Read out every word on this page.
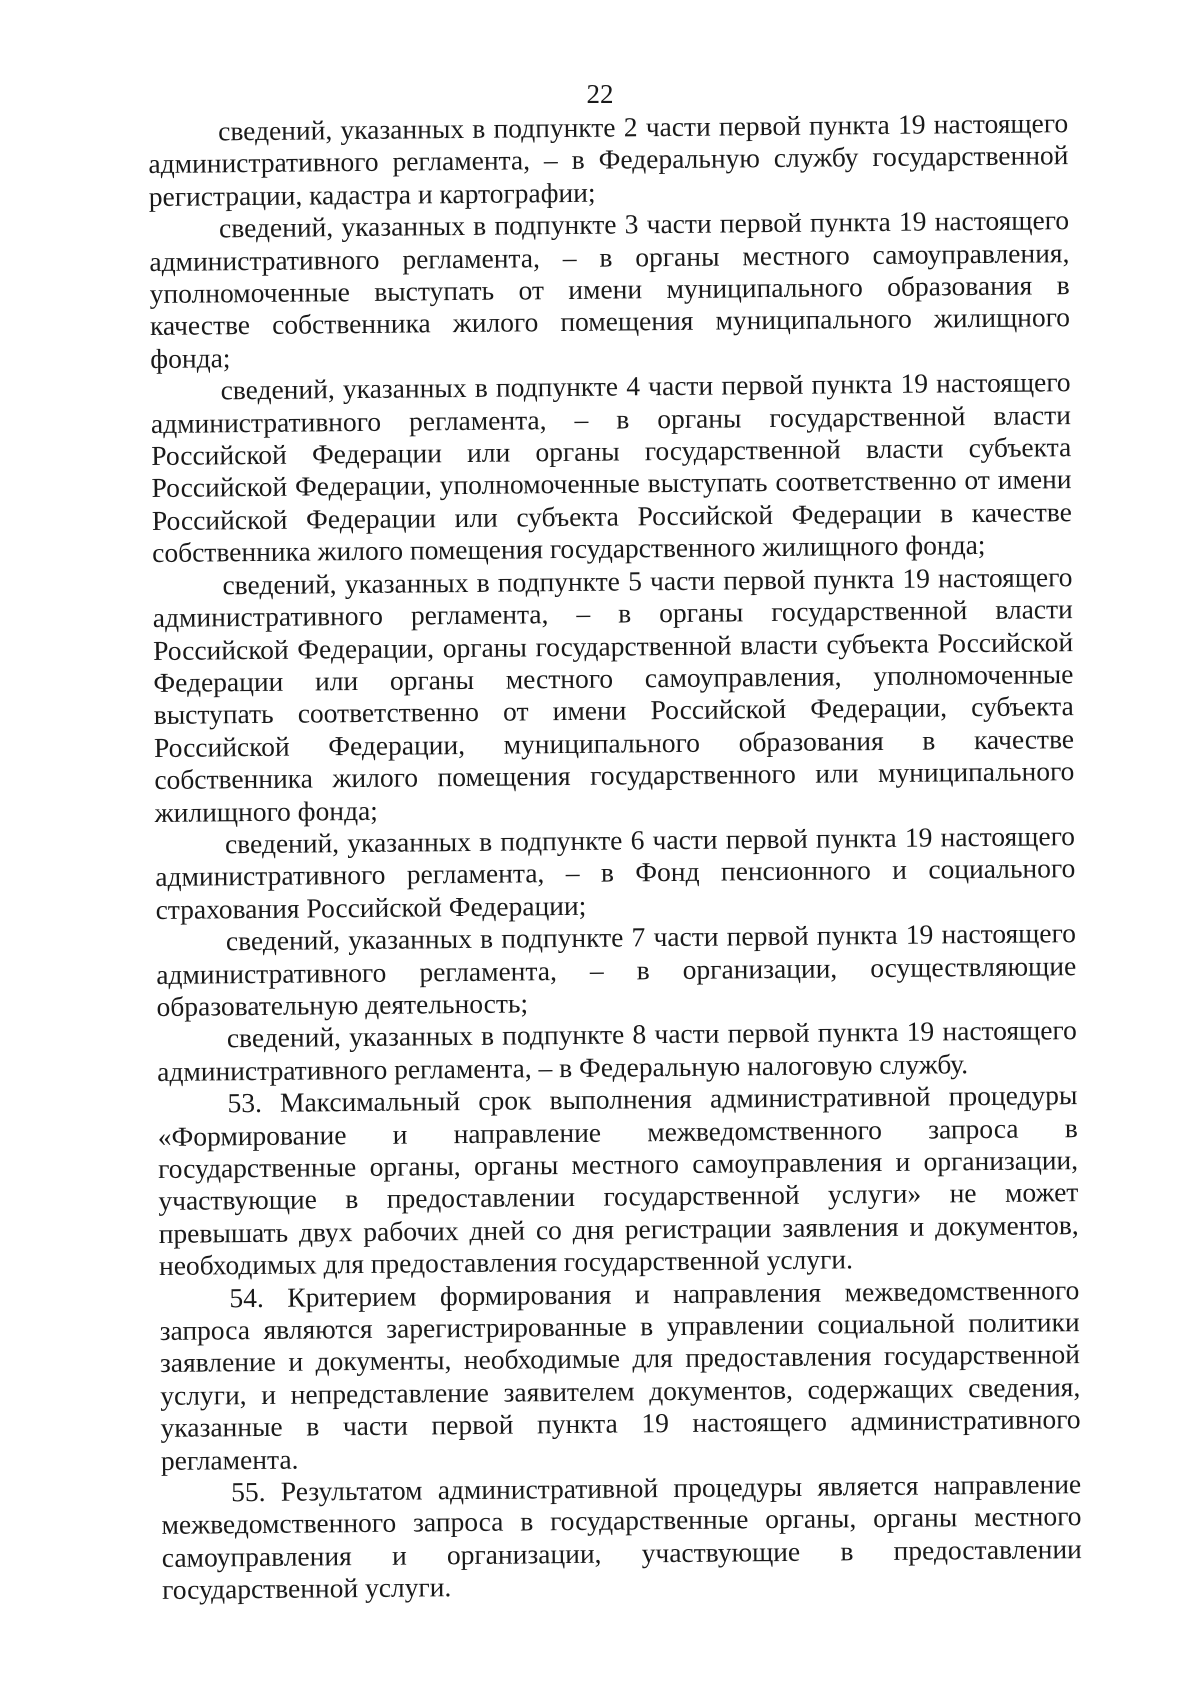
22

сведений, указанных в подпункте 2 части первой пункта 19 настоящего административного регламента, – в Федеральную службу государственной регистрации, кадастра и картографии;

сведений, указанных в подпункте 3 части первой пункта 19 настоящего административного регламента, – в органы местного самоуправления, уполномоченные выступать от имени муниципального образования в качестве собственника жилого помещения муниципального жилищного фонда;

сведений, указанных в подпункте 4 части первой пункта 19 настоящего административного регламента, – в органы государственной власти Российской Федерации или органы государственной власти субъекта Российской Федерации, уполномоченные выступать соответственно от имени Российской Федерации или субъекта Российской Федерации в качестве собственника жилого помещения государственного жилищного фонда;

сведений, указанных в подпункте 5 части первой пункта 19 настоящего административного регламента, – в органы государственной власти Российской Федерации, органы государственной власти субъекта Российской Федерации или органы местного самоуправления, уполномоченные выступать соответственно от имени Российской Федерации, субъекта Российской Федерации, муниципального образования в качестве собственника жилого помещения государственного или муниципального жилищного фонда;

сведений, указанных в подпункте 6 части первой пункта 19 настоящего административного регламента, – в Фонд пенсионного и социального страхования Российской Федерации;

сведений, указанных в подпункте 7 части первой пункта 19 настоящего административного регламента, – в организации, осуществляющие образовательную деятельность;

сведений, указанных в подпункте 8 части первой пункта 19 настоящего административного регламента, – в Федеральную налоговую службу.

53. Максимальный срок выполнения административной процедуры «Формирование и направление межведомственного запроса в государственные органы, органы местного самоуправления и организации, участвующие в предоставлении государственной услуги» не может превышать двух рабочих дней со дня регистрации заявления и документов, необходимых для предоставления государственной услуги.

54. Критерием формирования и направления межведомственного запроса являются зарегистрированные в управлении социальной политики заявление и документы, необходимые для предоставления государственной услуги, и непредставление заявителем документов, содержащих сведения, указанные в части первой пункта 19 настоящего административного регламента.

55. Результатом административной процедуры является направление межведомственного запроса в государственные органы, органы местного самоуправления и организации, участвующие в предоставлении государственной услуги.
